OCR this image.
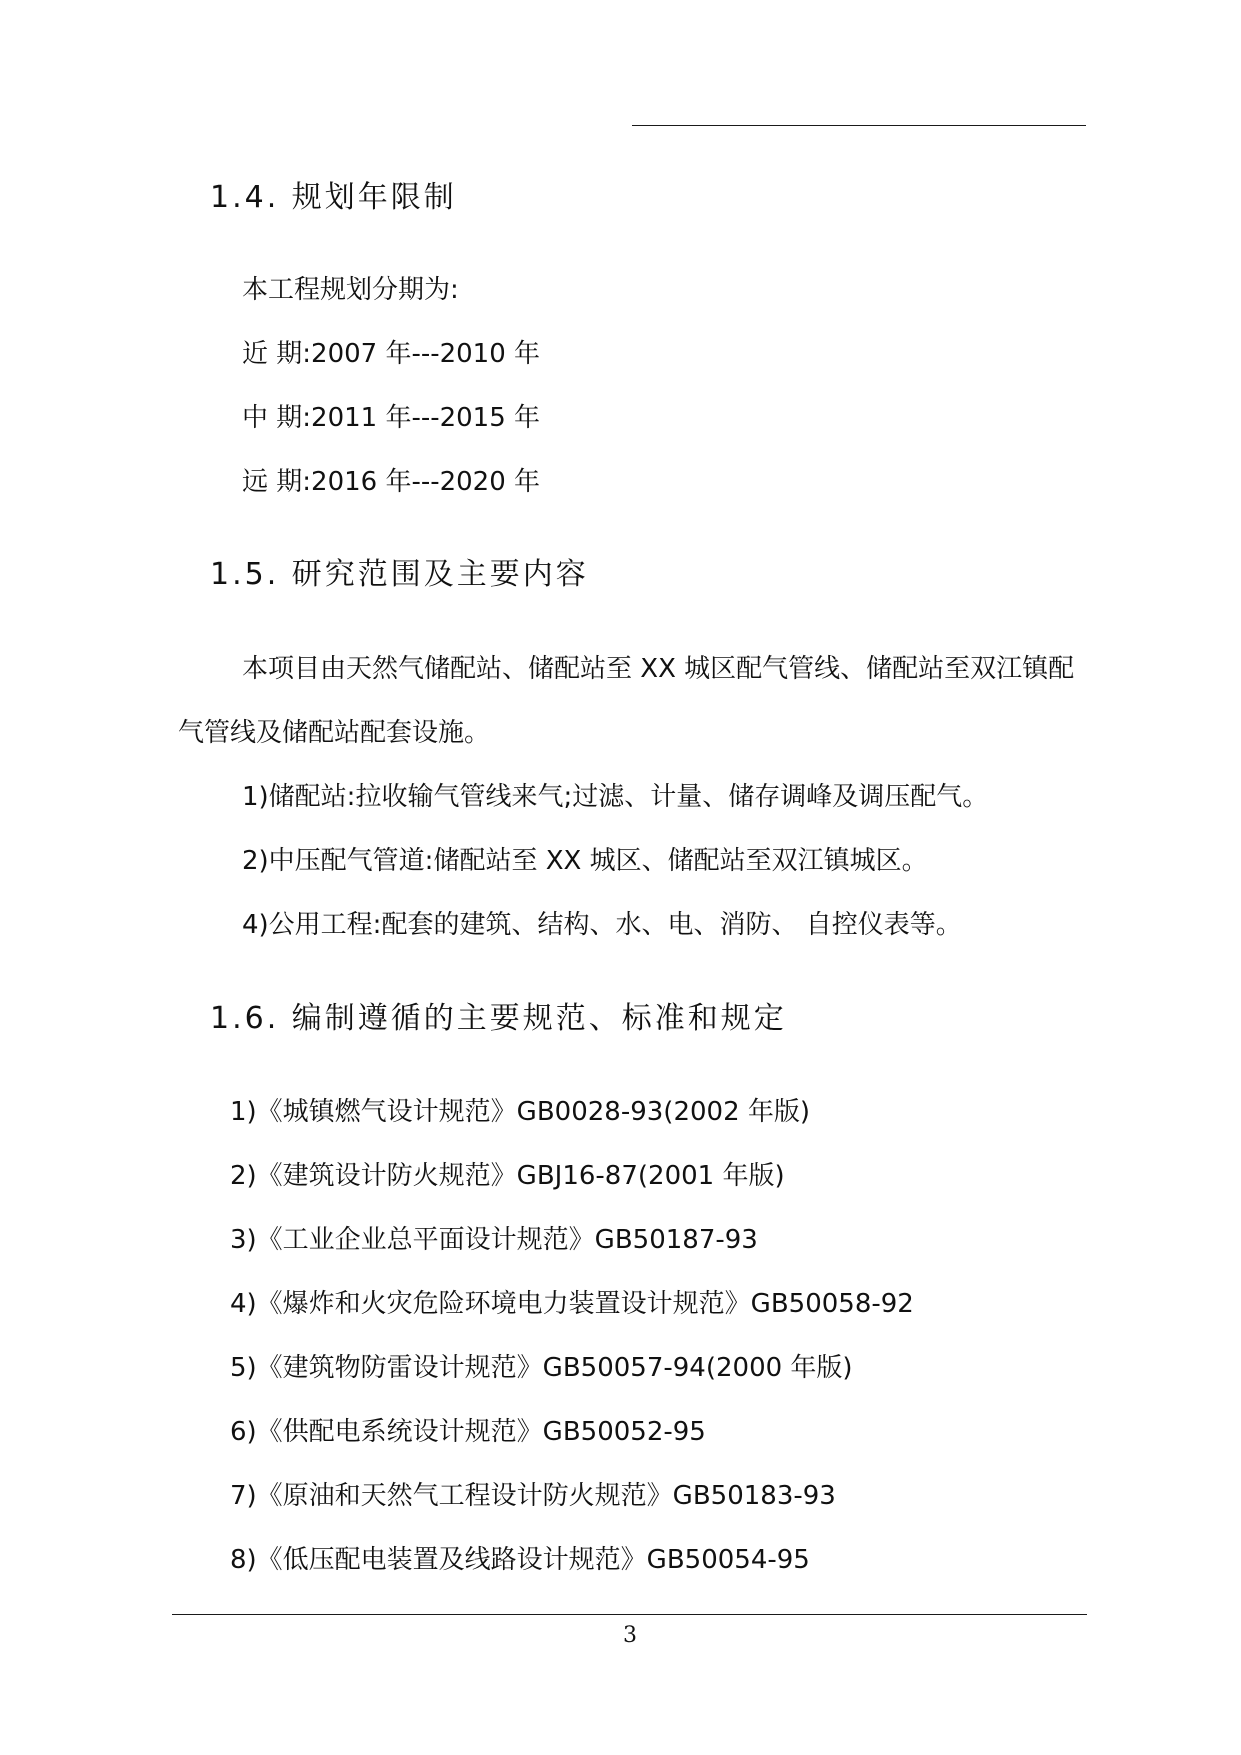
1.4. 规划年限制
本工程规划分期为:
近 期:2007 年---2010 年
中 期:2011 年---2015 年
远 期:2016 年---2020 年
1.5. 研究范围及主要内容
本项目由天然气储配站、储配站至 XX 城区配气管线、储配站至双江镇配
气管线及储配站配套设施。
1)储配站:拉收输气管线来气;过滤、计量、储存调峰及调压配气。
2)中压配气管道:储配站至 XX 城区、储配站至双江镇城区。
4)公用工程:配套的建筑、结构、水、电、消防、 自控仪表等。
1.6. 编制遵循的主要规范、标准和规定
1)《城镇燃气设计规范》GB0028-93(2002 年版)
2)《建筑设计防火规范》GBJ16-87(2001 年版)
3)《工业企业总平面设计规范》GB50187-93
4)《爆炸和火灾危险环境电力装置设计规范》GB50058-92
5)《建筑物防雷设计规范》GB50057-94(2000 年版)
6)《供配电系统设计规范》GB50052-95
7)《原油和天然气工程设计防火规范》GB50183-93
8)《低压配电装置及线路设计规范》GB50054-95
3
